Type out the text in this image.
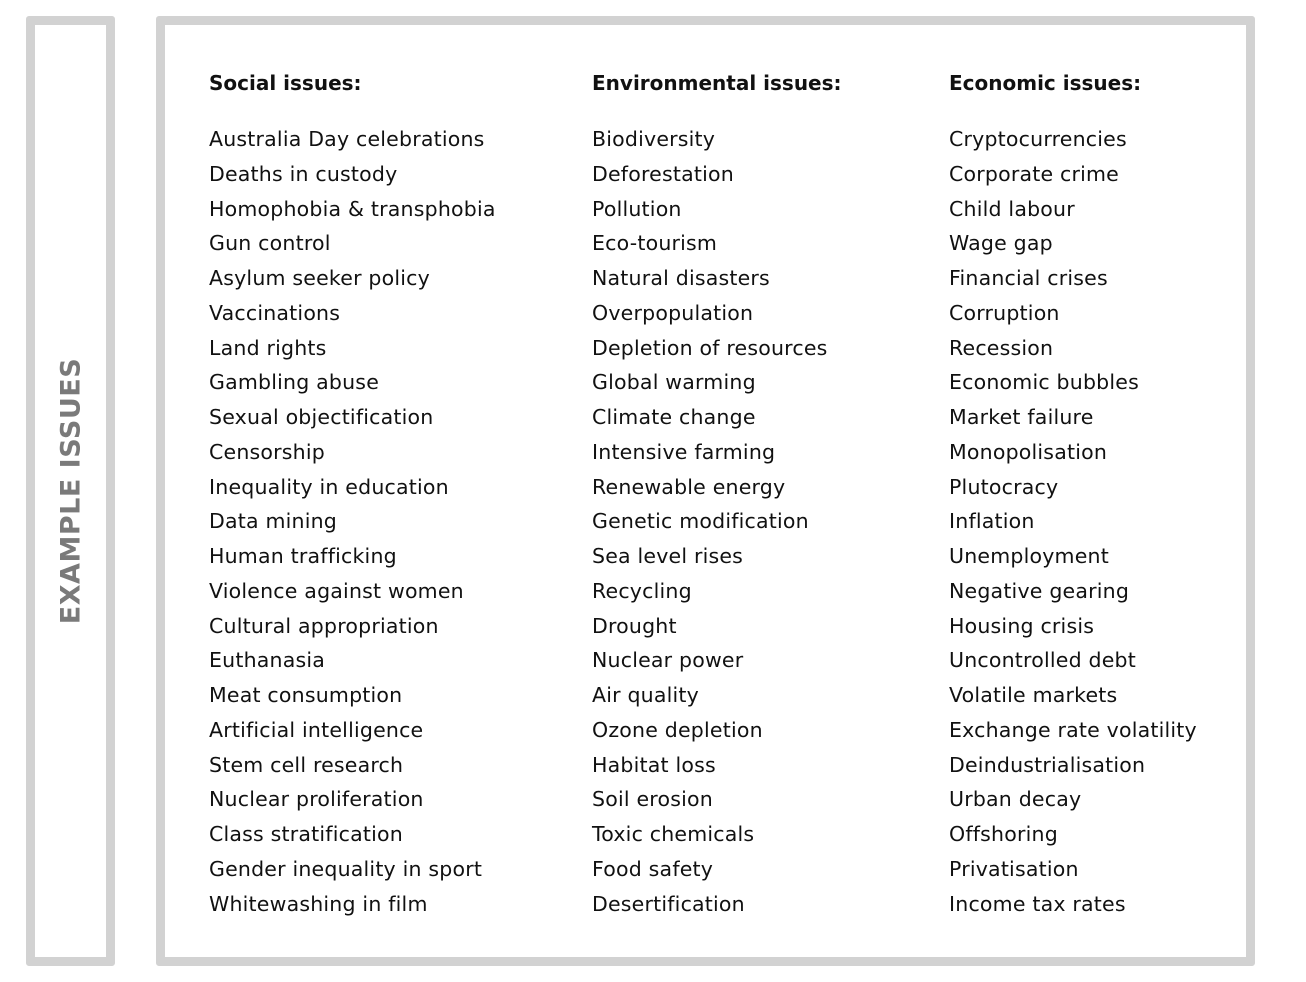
EXAMPLE ISSUES
Social issues:
Australia Day celebrations
Deaths in custody
Homophobia & transphobia
Gun control
Asylum seeker policy
Vaccinations
Land rights
Gambling abuse
Sexual objectification
Censorship
Inequality in education
Data mining
Human trafficking
Violence against women
Cultural appropriation
Euthanasia
Meat consumption
Artificial intelligence
Stem cell research
Nuclear proliferation
Class stratification
Gender inequality in sport
Whitewashing in film
Environmental issues:
Biodiversity
Deforestation
Pollution
Eco-tourism
Natural disasters
Overpopulation
Depletion of resources
Global warming
Climate change
Intensive farming
Renewable energy
Genetic modification
Sea level rises
Recycling
Drought
Nuclear power
Air quality
Ozone depletion
Habitat loss
Soil erosion
Toxic chemicals
Food safety
Desertification
Economic issues:
Cryptocurrencies
Corporate crime
Child labour
Wage gap
Financial crises
Corruption
Recession
Economic bubbles
Market failure
Monopolisation
Plutocracy
Inflation
Unemployment
Negative gearing
Housing crisis
Uncontrolled debt
Volatile markets
Exchange rate volatility
Deindustrialisation
Urban decay
Offshoring
Privatisation
Income tax rates
